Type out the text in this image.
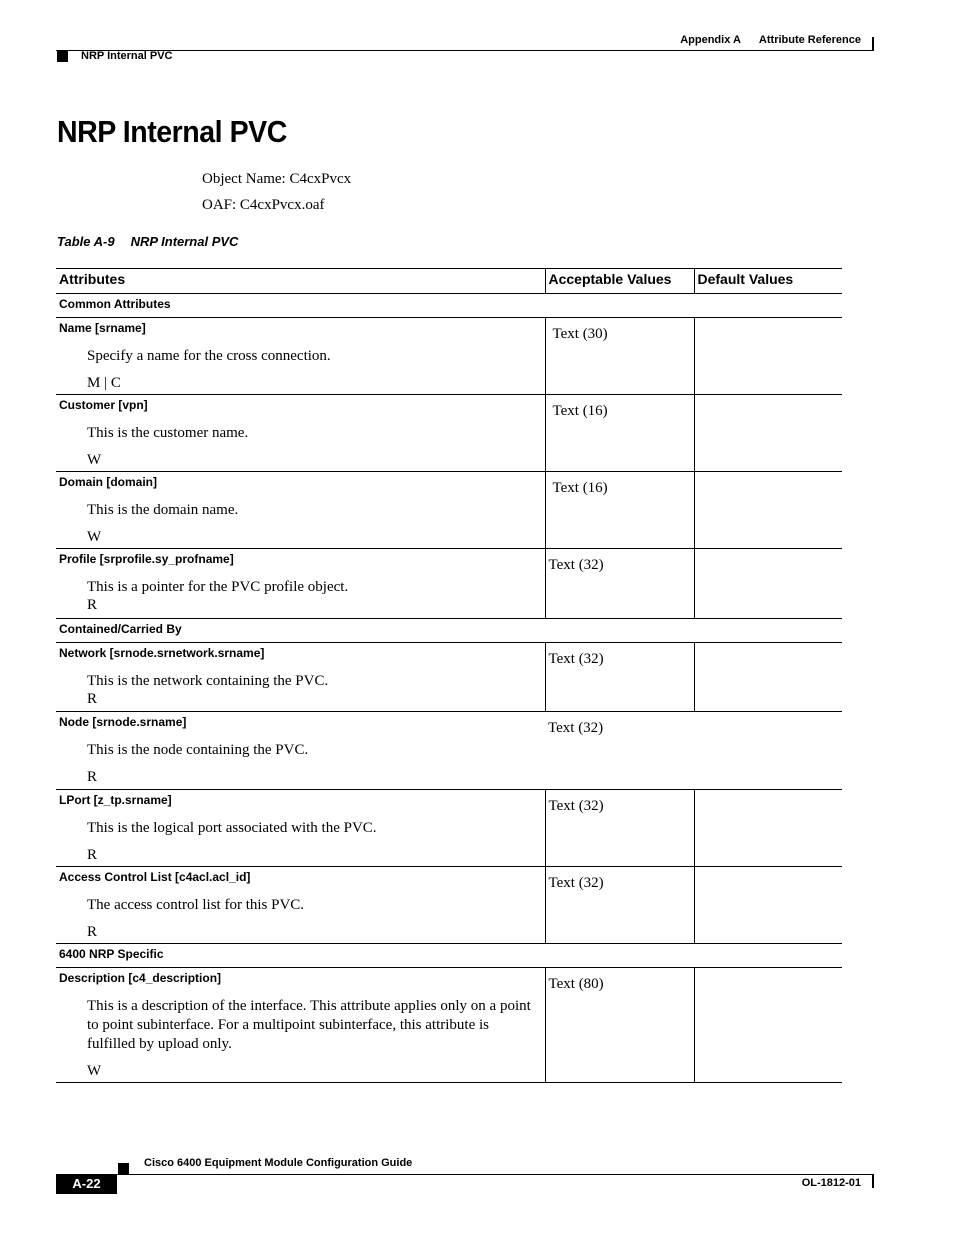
Appendix A Attribute Reference
NRP Internal PVC
NRP Internal PVC
Object Name: C4cxPvcx
OAF: C4cxPvcx.oaf
Table A-9 NRP Internal PVC
Attributes	Acceptable Values	Default Values
Common Attributes		

Name [srname]
Specify a name for the cross connection.
M | C	Text (30)	

Customer [vpn]
This is the customer name.
W	Text (16)	

Domain [domain]
This is the domain name.
W	Text (16)	

Profile [srprofile.sy_profname]
This is a pointer for the PVC profile object.
R	Text (32)	

Contained/Carried By		

Network [srnode.srnetwork.srname]
This is the network containing the PVC.
R	Text (32)	

Node [srnode.srname]
This is the node containing the PVC.
R	Text (32)	

LPort [z_tp.srname]
This is the logical port associated with the PVC.
R	Text (32)	

Access Control List [c4acl.acl_id]
The access control list for this PVC.
R	Text (32)	

6400 NRP Specific		

Description [c4_description]
This is a description of the interface. This attribute applies only on a point to point subinterface. For a multipoint subinterface, this attribute is fulfilled by upload only.
W	Text (80)	

Cisco 6400 Equipment Module Configuration Guide
A-22	OL-1812-01
